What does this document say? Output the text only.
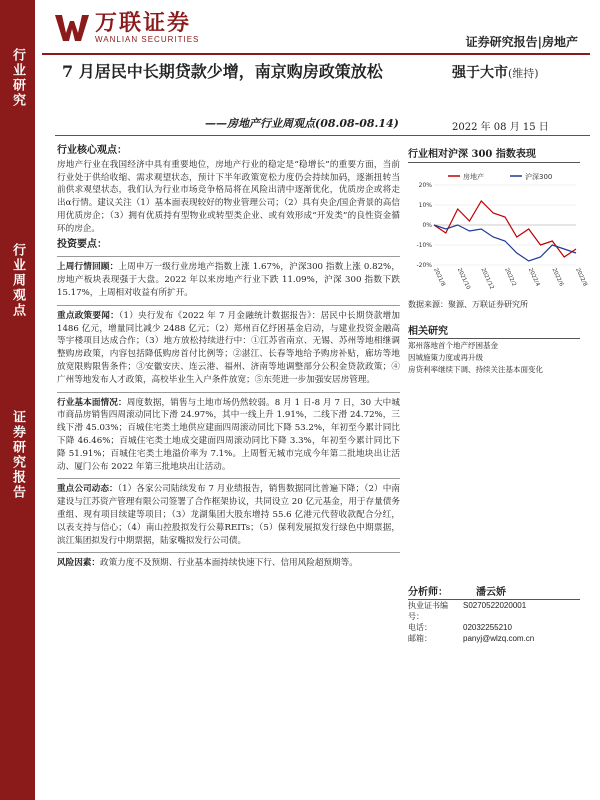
行业研究
行业周观点
证券研究报告
万联证券
WANLIAN SECURITIES	证券研究报告|房地产
7 月居民中长期贷款少增，南京购房政策放松
——房地产行业周观点(08.08-08.14)
强于大市(维持)
2022 年 08 月 15 日
行业核心观点：
房地产行业在我国经济中具有重要地位，房地产行业的稳定是“稳增长”的重要方面，当前行业处于供给收缩、需求观望状态，预计下半年政策宽松力度仍会持续加码，逐渐扭转当前供求观望状态，我们认为行业市场竞争格局将在风险出清中逐渐优化，优质房企或将走出α行情。建议关注（1）基本面表现较好的物业管理公司；（2）具有央企/国企背景的高信用优质房企；（3）拥有优质持有型物业或转型类企业、或有效形成“开发类”的良性资金循环的房企。
投资要点：
上周行情回顾：上周申万一级行业房地产指数上涨 1.67%，沪深300 指数上涨 0.82%，房地产板块表现强于大盘。2022 年以来房地产行业下跌 11.09%，沪深 300 指数下跌 15.17%，上周相对收益有所扩开。
重点政策要闻：（1）央行发布《2022 年 7 月金融统计数据报告》：居民中长期贷款增加 1486 亿元，增量同比减少 2488 亿元；（2）郑州百亿纾困基金启动，与建业投资金融高等宇楼项目达成合作；（3）地方放松持续进行中：①江苏省南京、无锡、苏州等地相继调整购房政策，内容包括降低购房首付比例等；②湛江、长春等地给予购房补贴，廊坊等地放宽限购限售条件；③安徽安庆、连云港、福州、济南等地调整部分公积金贷款政策；④广州等地发布人才政策，高校毕业生入户条件放宽；⑤东莞进一步加强安居房管理。
行业基本面情况：周度数据，销售与土地市场仍然较弱。8 月 1 日-8 月 7 日，30 大中城市商品房销售四周滚动同比下滑 24.97%，其中一线上升 1.91%，二线下滑 24.72%，三线下滑 45.03%；百城住宅类土地供应建面四周滚动同比下降 53.2%，年初至今累计同比下降 46.46%；百城住宅类土地成交建面四周滚动同比下降 3.3%，年初至今累计同比下降 51.91%；百城住宅类土地溢价率为 7.1%。上周暂无城市完成今年第二批地块出让活动、厦门公布 2022 年第三批地块出让活动。
重点公司动态：（1）各家公司陆续发布 7 月业绩报告，销售数据同比普遍下降；（2）中南建设与江苏资产管理有限公司签署了合作框架协议，共同设立 20 亿元基金，用于存量债务重组、现有项目续建等项目；（3）龙湖集团大股东增持 55.6 亿港元代替收款配合分红，以表支持与信心；（4）南山控股拟发行公募REITs；（5）保利发展拟发行绿色中期票据，滨江集团拟发行中期票据，陆家嘴拟发行公司债。
风险因素：政策力度不及预期、行业基本面持续快速下行、信用风险超预期等。
行业相对沪深 300 指数表现
房地产	沪深300
20%
10%
0%
-10%
-20%
2021/8 2021/10 2021/12 2022/2 2022/4 2022/6 2022/8
数据来源：聚源、万联证券研究所
相关研究
郑州落地首个地产纾困基金
因城施策力度或再升级
房贷利率继续下调、持续关注基本面变化
分析师：	潘云娇
执业证书编号：
S0270522020001
电话：	02032255210
邮箱：	panyj@wlzq.com.cn
